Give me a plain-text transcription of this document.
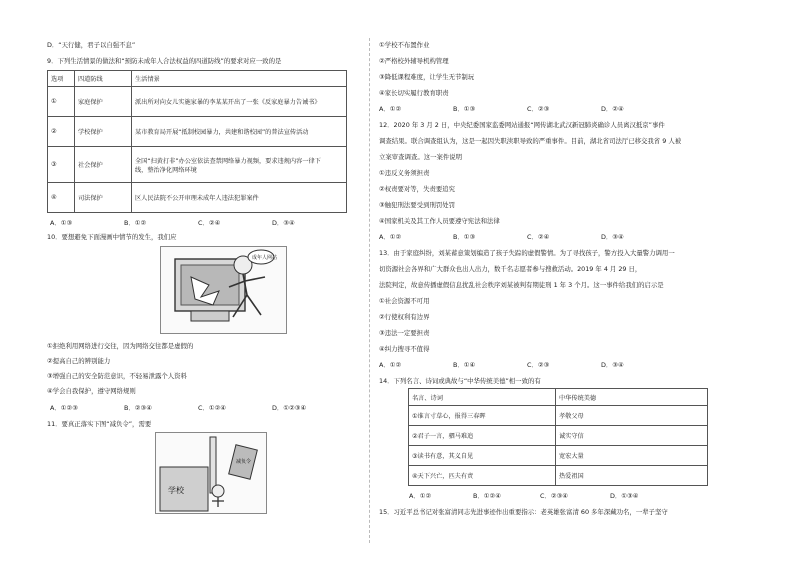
D．“天行健，君子以自强不息”
9．下列生活情景的做法和“预防未成年人合法权益的四道防线”的要求对应一致的是
选项	四道防线	生活情景
①	家庭保护	派出所对向女儿实施家暴的李某某开出了一张《反家庭暴力告诫书》
②	学校保护	某市教育局开展“抵制校园暴力，共建和谐校园”的普法宣传活动
③	社会保护	全国“扫黄打非”办公室依法查禁网络暴力视频，要求违规内容一律下
线，整治净化网络环境

④	司法保护	区人民法院不公开审理未成年人违法犯罪案件
A．①③	B．①②	C．②④	D．③④
10．要想避免下面漫画中情节的发生，我们应
成年人网站
①拒绝利用网络进行交往，因为网络交往都是虚假的
②提高自己的辨别能力
③增强自己的安全防范意识，不轻易泄露个人资料
④学会自我保护，遵守网络规则
A．①②③	B．②③④	C．①②④	D．①②③④
11．要真正落实下图“减负令”，需要
学校
减负令
①学校不布置作业
②严格校外辅导机构管理
③降低课程难度，让学生无节制玩
④家长切实履行教育职责
A．①②	B．①③	C．②③	D．②④
12．2020 年 3 月 2 日，中央纪委国家监委网站通报“网传湖北武汉新冠肺炎确诊人员离汉抵京”事件
调查结果。联合调查组认为，这是一起因失职渎职导致的严重事件。目前，湖北省司法厅已移交我省 9 人被
立案审查调查。这一案件说明
①违反义务须担责
②权责要对等，失责要追究
③触犯刑法要受到刑罚处罚
④国家机关及其工作人员要遵守宪法和法律
A．①②	B．①③	C．②④	D．③④
13．由于家庭纠纷，刘某蓄意策划编造了孩子失踪的虚假警情。为了寻找孩子，警方投入大量警力调用一
切资源社会各界和广大群众也出人出力，数千名志愿者参与搜救活动。2019 年 4 月 29 日，
法院判定，故意传播虚假信息扰乱社会秩序刘某被判有期徒刑 1 年 3 个月。这一事件给我们的启示是
①社会资源不可用
②行使权利有边界
③违法一定要担责
④纠力搜寻不值得
A．①②	B．①④	C．②③	D．③④
14．下列名言、诗词或典故与“中华传统美德”相一致的有
名言、诗词	中华传统美德
①谁言寸草心，报得三春晖	孝敬父母
②君子一言，驷马难追	诚实守信
③读书有意，其义自见	宽宏大量
④天下兴亡，匹夫有责	热爱祖国
A．①②	B．①②④	C．②③④	D．①③④
15．习近平总书记对张富清同志先进事迹作出重要指示：老英雄张富清 60 多年深藏功名，一辈子坚守
